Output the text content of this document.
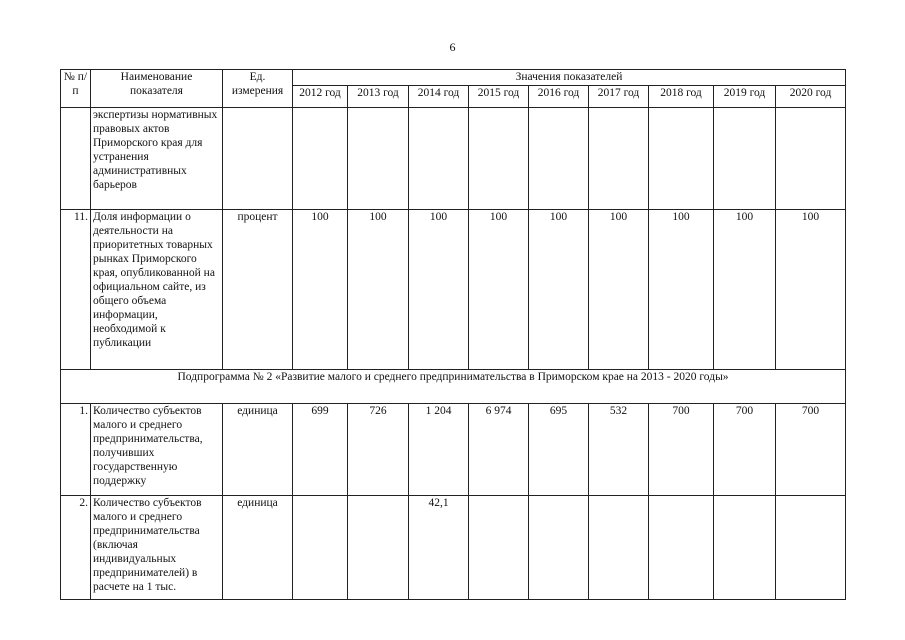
6
№ п/п	Наименование показателя	Ед. измерения	Значения показателей								
			2012 год	2013 год	2014 год	2015 год	2016 год	2017 год	2018 год	2019 год	2020 год
	экспертизы нормативных правовых актов Приморского края для устранения административных барьеров										
11.	Доля информации о деятельности на приоритетных товарных рынках Приморского края, опубликованной на официальном сайте, из общего объема информации, необходимой к публикации	процент	100	100	100	100	100	100	100	100	100
Подпрограмма № 2 «Развитие малого и среднего предпринимательства в Приморском крае на 2013 - 2020 годы»											
1.	Количество субъектов малого и среднего предпринимательства, получивших государственную поддержку	единица	699	726	1 204	6 974	695	532	700	700	700
2.	Количество субъектов малого и среднего предпринимательства (включая индивидуальных предпринимателей) в расчете на 1 тыс.	единица			42,1						
